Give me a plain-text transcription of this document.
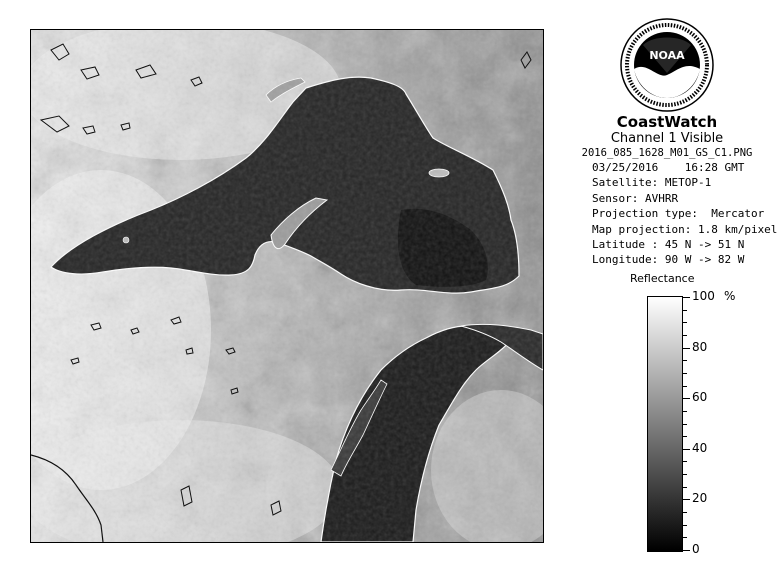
NOAA
CoastWatch
Channel 1 Visible
2016_085_1628_M01_GS_C1.PNG
03/25/2016 16:28 GMT
Satellite: METOP-1
Sensor: AVHRR
Projection type:  Mercator
Map projection: 1.8 km/pixel
Latitude : 45 N -> 51 N
Longitude: 90 W -> 82 W
Reflectance
%
100
80
60
40
20
0
